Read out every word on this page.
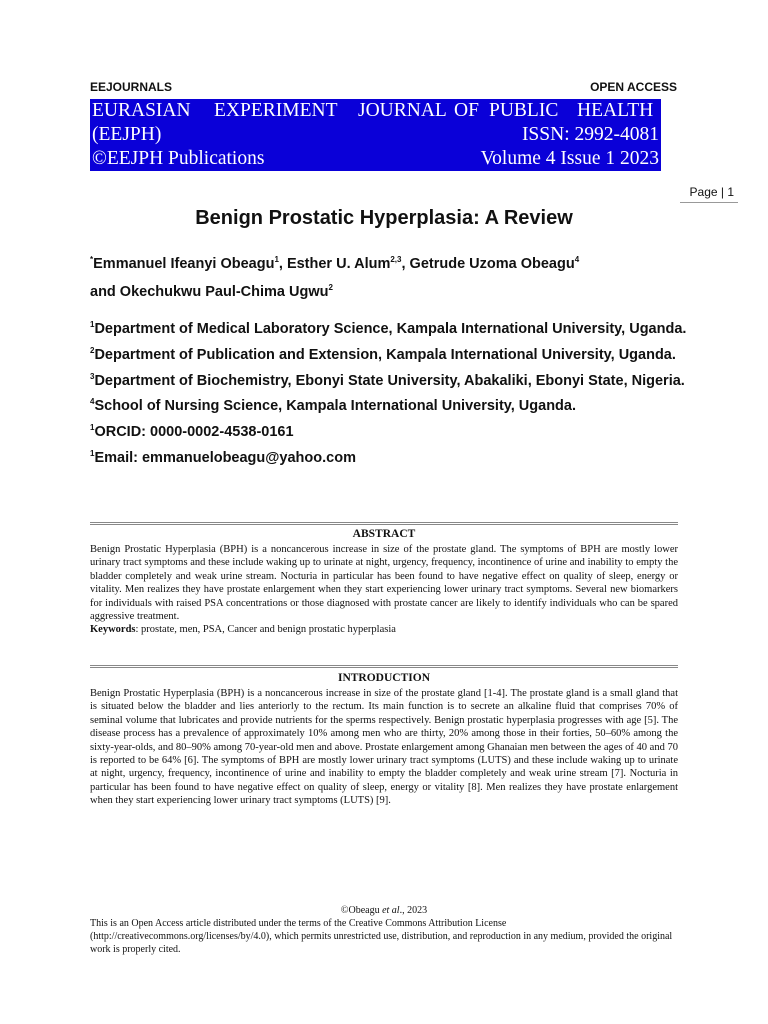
EEJOURNALS	OPEN ACCESS
EURASIAN EXPERIMENT JOURNAL OF PUBLIC HEALTH
(EEJPH)	ISSN: 2992-4081
©EEJPH Publications	Volume 4 Issue 1 2023
Page | 1
Benign Prostatic Hyperplasia: A Review
*Emmanuel Ifeanyi Obeagu$^1$, Esther U. Alum$^{2,3}$, Getrude Uzoma Obeagu$^4$
and Okechukwu Paul-Chima Ugwu$^2$

$^1$Department of Medical Laboratory Science, Kampala International University, Uganda.

$^2$Department of Publication and Extension, Kampala International University, Uganda.

$^3$Department of Biochemistry, Ebonyi State University, Abakaliki, Ebonyi State, Nigeria.

$^4$School of Nursing Science, Kampala International University, Uganda.

$^1$ORCID: 0000-0002-4538-0161

$^1$Email: emmanuelobeagu@yahoo.com

ABSTRACT

Benign Prostatic Hyperplasia (BPH) is a noncancerous increase in size of the prostate gland. The symptoms of BPH are mostly lower urinary tract symptoms and these include waking up to urinate at night, urgency, frequency, incontinence of urine and inability to empty the bladder completely and weak urine stream. Nocturia in particular has been found to have negative effect on quality of sleep, energy or vitality. Men realizes they have prostate enlargement when they start experiencing lower urinary tract symptoms. Several new biomarkers for individuals with raised PSA concentrations or those diagnosed with prostate cancer are likely to identify individuals who can be spared aggressive treatment.

Keywords: prostate, men, PSA, Cancer and benign prostatic hyperplasia

INTRODUCTION

Benign Prostatic Hyperplasia (BPH) is a noncancerous increase in size of the prostate gland [1-4]. The prostate gland is a small gland that is situated below the bladder and lies anteriorly to the rectum. Its main function is to secrete an alkaline fluid that comprises 70% of seminal volume that lubricates and provide nutrients for the sperms respectively. Benign prostatic hyperplasia progresses with age [5]. The disease process has a prevalence of approximately 10% among men who are thirty, 20% among those in their forties, 50–60% among the sixty-year-olds, and 80–90% among 70-year-old men and above. Prostate enlargement among Ghanaian men between the ages of 40 and 70 is reported to be 64% [6]. The symptoms of BPH are mostly lower urinary tract symptoms (LUTS) and these include waking up to urinate at night, urgency, frequency, incontinence of urine and inability to empty the bladder completely and weak urine stream [7]. Nocturia in particular has been found to have negative effect on quality of sleep, energy or vitality [8]. Men realizes they have prostate enlargement when they start experiencing lower urinary tract symptoms (LUTS) [9].

©Obeagu et al., 2023
This is an Open Access article distributed under the terms of the Creative Commons Attribution License (http://creativecommons.org/licenses/by/4.0), which permits unrestricted use, distribution, and reproduction in any medium, provided the original work is properly cited.
